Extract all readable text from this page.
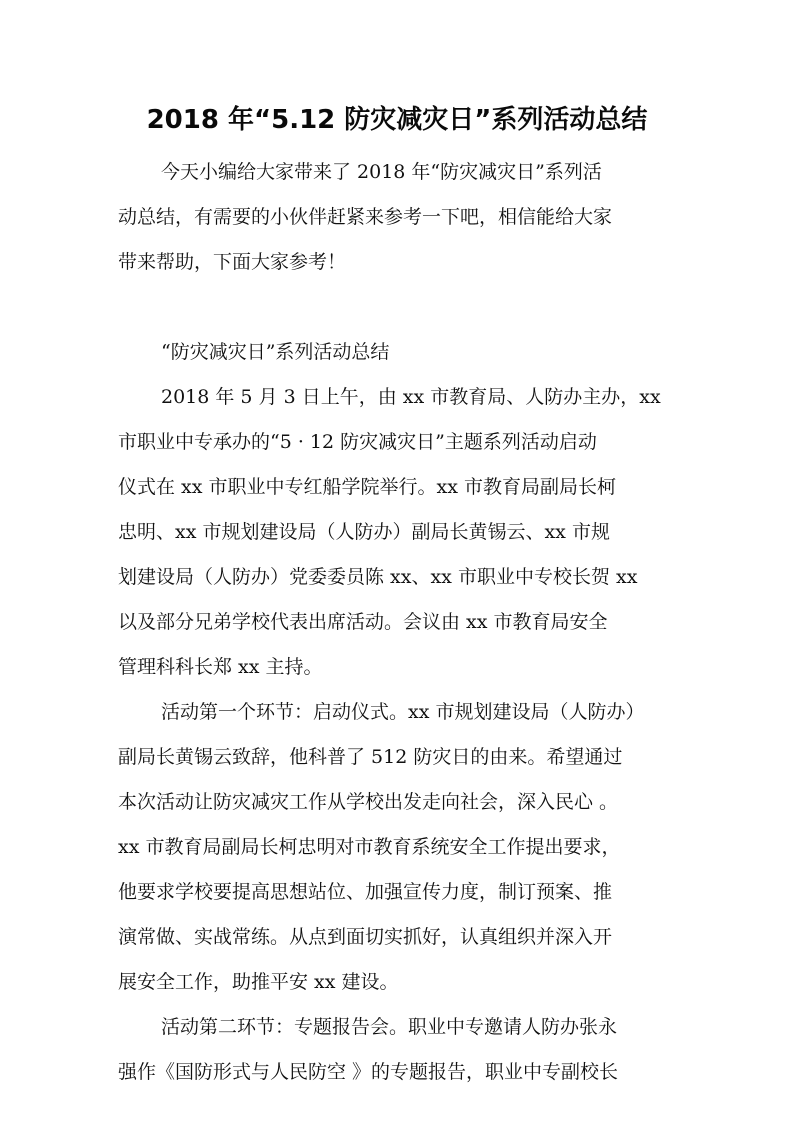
2018 年“5.12 防灾减灾日”系列活动总结
今天小编给大家带来了 2018 年“防灾减灾日”系列活
动总结，有需要的小伙伴赶紧来参考一下吧，相信能给大家
带来帮助，下面大家参考！
“防灾减灾日”系列活动总结
2018 年 5 月 3 日上午，由 xx 市教育局、人防办主办，xx
市职业中专承办的“5 · 12 防灾减灾日”主题系列活动启动
仪式在 xx 市职业中专红船学院举行。xx 市教育局副局长柯
忠明、xx 市规划建设局（人防办）副局长黄锡云、xx 市规
划建设局（人防办）党委委员陈 xx、xx 市职业中专校长贺 xx
以及部分兄弟学校代表出席活动。会议由 xx 市教育局安全
管理科科长郑 xx 主持。
活动第一个环节：启动仪式。xx 市规划建设局（人防办）
副局长黄锡云致辞，他科普了 512 防灾日的由来。希望通过
本次活动让防灾减灾工作从学校出发走向社会，深入民心 。
xx 市教育局副局长柯忠明对市教育系统安全工作提出要求，
他要求学校要提高思想站位、加强宣传力度，制订预案、推
演常做、实战常练。从点到面切实抓好，认真组织并深入开
展安全工作，助推平安 xx 建设。
活动第二环节：专题报告会。职业中专邀请人防办张永
强作《国防形式与人民防空 》的专题报告，职业中专副校长
